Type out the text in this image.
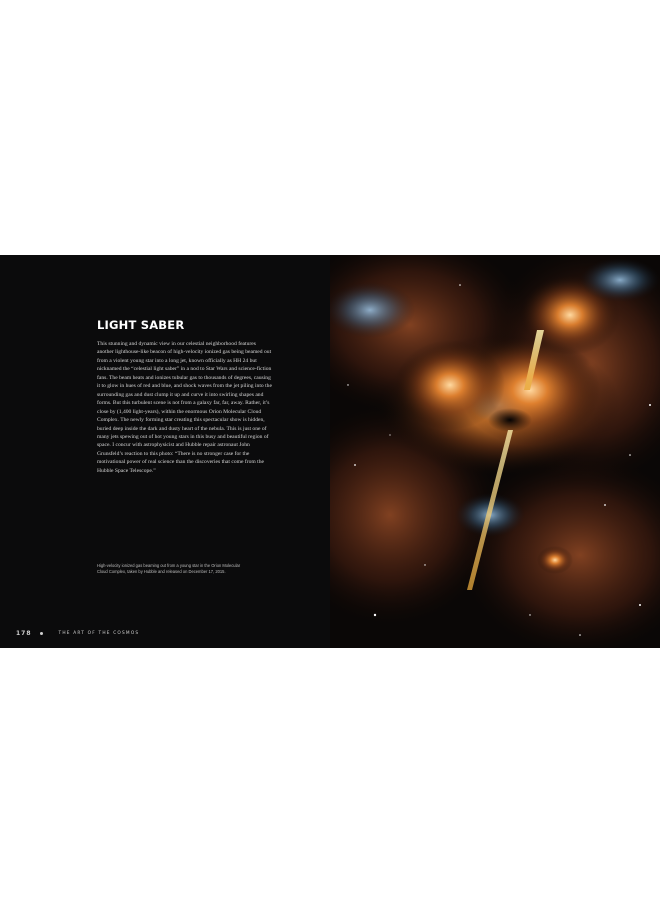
LIGHT SABER
This stunning and dynamic view in our celestial neighborhood features another lighthouse-like beacon of high-velocity ionized gas being beamed out from a violent young star into a long jet, known officially as HH 24 but nicknamed the “celestial light saber” in a nod to Star Wars and science-fiction fans. The beam heats and ionizes tubular gas to thousands of degrees, causing it to glow in hues of red and blue, and shock waves from the jet piling into the surrounding gas and dust clump it up and curve it into swirling shapes and forms. But this turbulent scene is not from a galaxy far, far, away. Rather, it’s close by (1,400 light-years), within the enormous Orion Molecular Cloud Complex. The newly forming star creating this spectacular show is hidden, buried deep inside the dark and dusty heart of the nebula. This is just one of many jets spewing out of hot young stars in this busy and beautiful region of space. I concur with astrophysicist and Hubble repair astronaut John Grunsfeld’s reaction to this photo: “There is no stronger case for the motivational power of real science than the discoveries that come from the Hubble Space Telescope.”
High-velocity ionized gas beaming out from a young star in the Orion Molecular Cloud Complex, taken by Hubble and released on December 17, 2015.
178	THE ART OF THE COSMOS
